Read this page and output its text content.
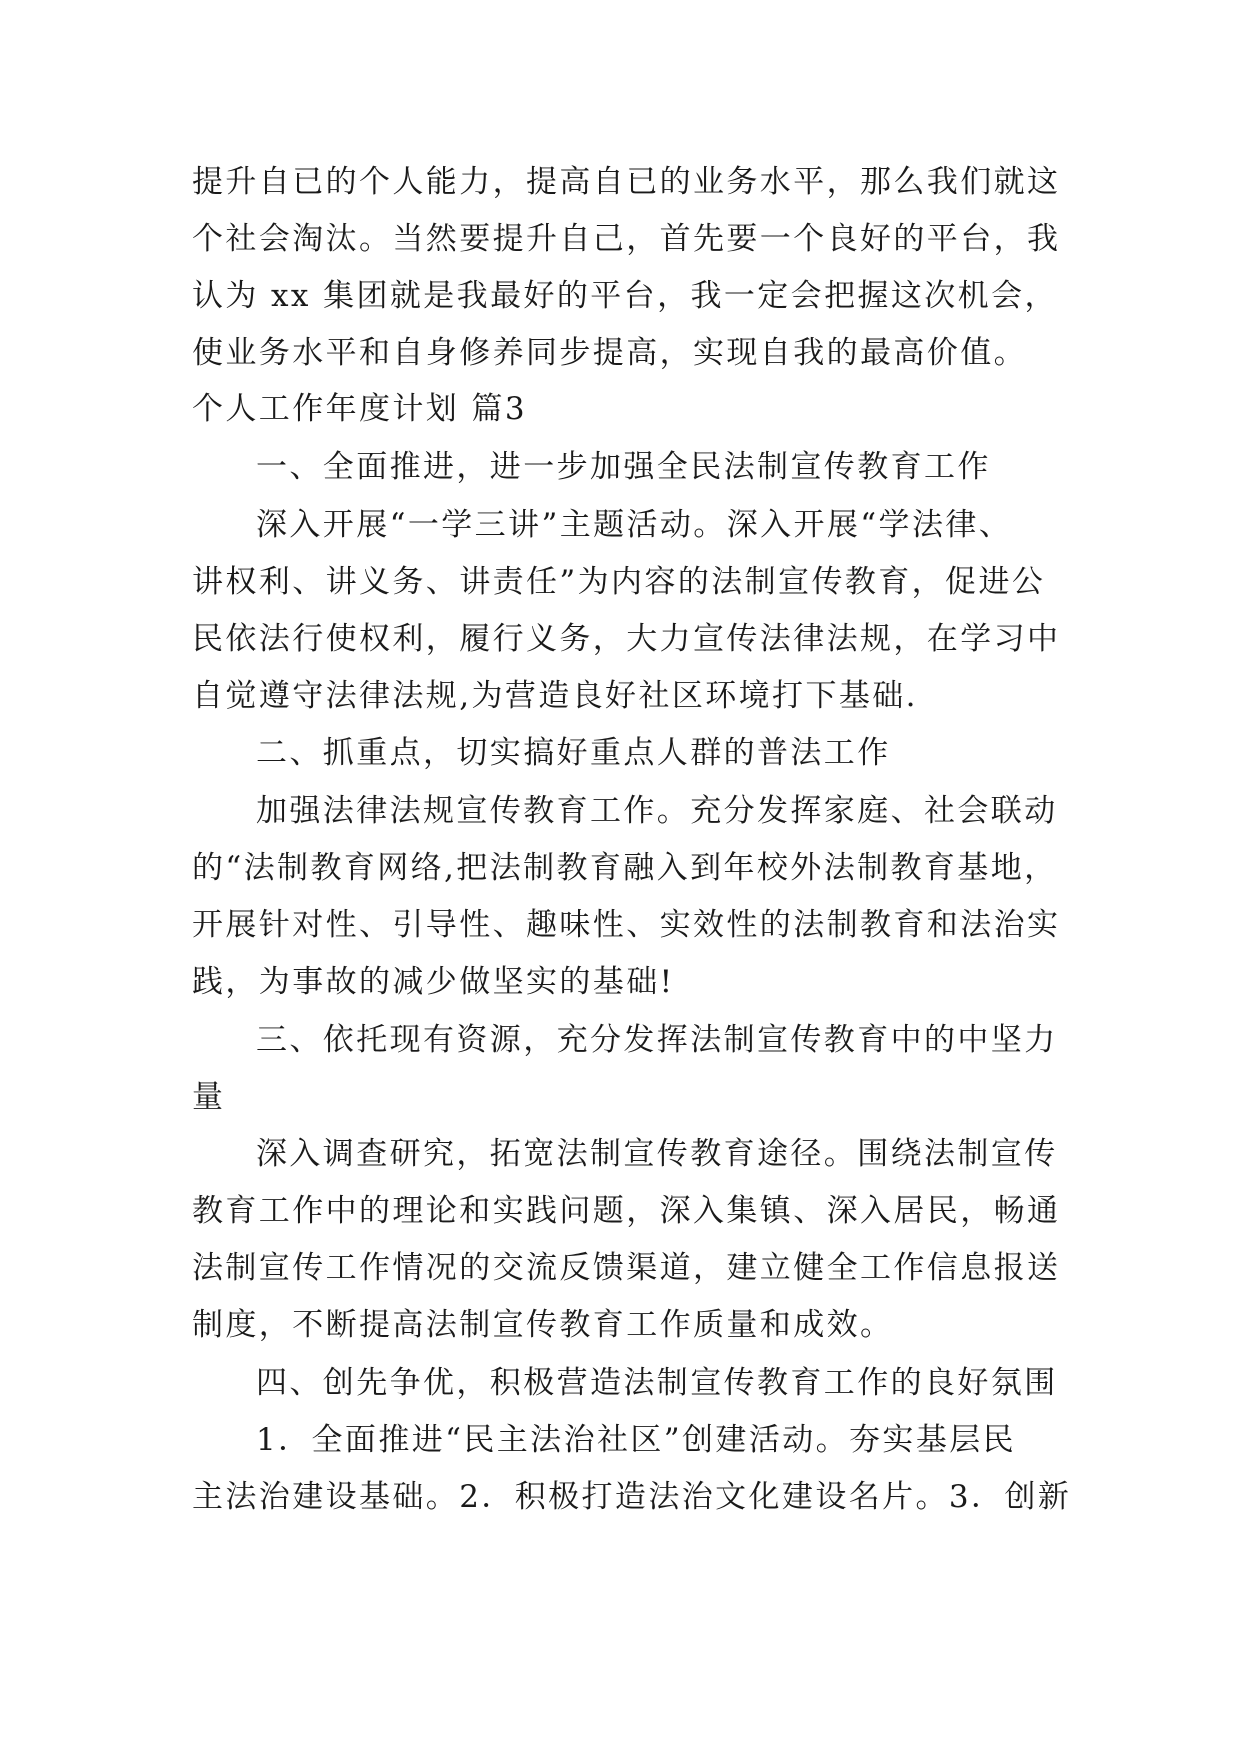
提升自已的个人能力，提高自已的业务水平，那么我们就这

个社会淘汰。当然要提升自己，首先要一个良好的平台，我

认为 xx 集团就是我最好的平台，我一定会把握这次机会，

使业务水平和自身修养同步提高，实现自我的最高价值。

个人工作年度计划 篇3

一、全面推进，进一步加强全民法制宣传教育工作

深入开展“一学三讲”主题活动。深入开展“学法律、

讲权利、讲义务、讲责任”为内容的法制宣传教育，促进公

民依法行使权利，履行义务，大力宣传法律法规，在学习中

自觉遵守法律法规,为营造良好社区环境打下基础.

二、抓重点，切实搞好重点人群的普法工作

加强法律法规宣传教育工作。充分发挥家庭、社会联动

的“法制教育网络,把法制教育融入到年校外法制教育基地，

开展针对性、引导性、趣味性、实效性的法制教育和法治实

践，为事故的减少做坚实的基础!

三、依托现有资源，充分发挥法制宣传教育中的中坚力

量

深入调查研究，拓宽法制宣传教育途径。围绕法制宣传

教育工作中的理论和实践问题，深入集镇、深入居民，畅通

法制宣传工作情况的交流反馈渠道，建立健全工作信息报送

制度，不断提高法制宣传教育工作质量和成效。

四、创先争优，积极营造法制宣传教育工作的良好氛围

1．全面推进“民主法治社区”创建活动。夯实基层民

主法治建设基础。2．积极打造法治文化建设名片。3．创新
